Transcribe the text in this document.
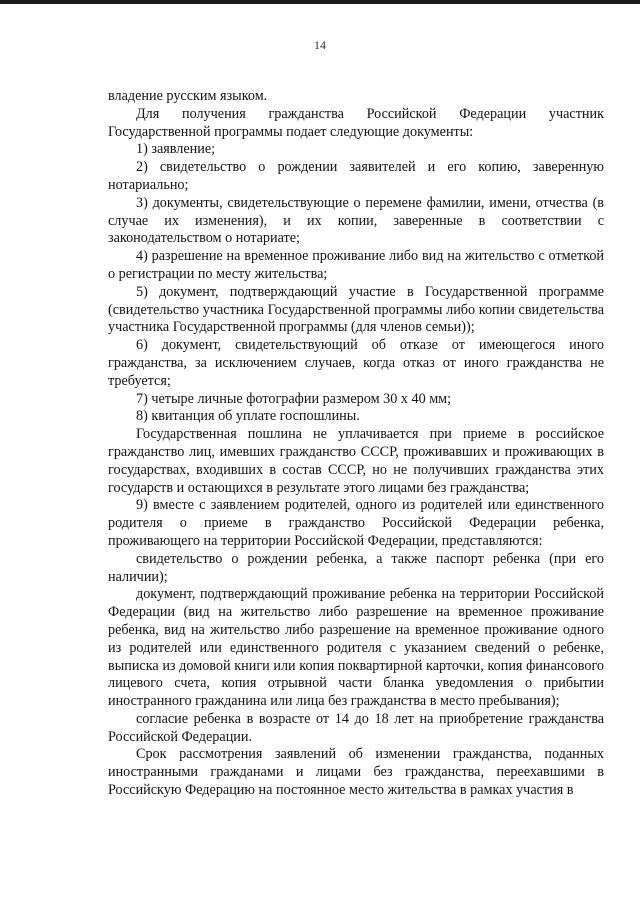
14

владение русским языком.

Для получения гражданства Российской Федерации участник Государственной программы подает следующие документы:

1) заявление;

2) свидетельство о рождении заявителей и его копию, заверенную нотариально;

3) документы, свидетельствующие о перемене фамилии, имени, отчества (в случае их изменения), и их копии, заверенные в соответствии с законодательством о нотариате;

4) разрешение на временное проживание либо вид на жительство с отметкой о регистрации по месту жительства;

5) документ, подтверждающий участие в Государственной программе (свидетельство участника Государственной программы либо копии свидетельства участника Государственной программы (для членов семьи));

6) документ, свидетельствующий об отказе от имеющегося иного гражданства, за исключением случаев, когда отказ от иного гражданства не требуется;

7) четыре личные фотографии размером 30 х 40 мм;

8) квитанция об уплате госпошлины.

Государственная пошлина не уплачивается при приеме в российское гражданство лиц, имевших гражданство СССР, проживавших и проживающих в государствах, входивших в состав СССР, но не получивших гражданства этих государств и остающихся в результате этого лицами без гражданства;

9) вместе с заявлением родителей, одного из родителей или единственного родителя о приеме в гражданство Российской Федерации ребенка, проживающего на территории Российской Федерации, представляются:

свидетельство о рождении ребенка, а также паспорт ребенка (при его наличии);

документ, подтверждающий проживание ребенка на территории Российской Федерации (вид на жительство либо разрешение на временное проживание ребенка, вид на жительство либо разрешение на временное проживание одного из родителей или единственного родителя с указанием сведений о ребенке, выписка из домовой книги или копия поквартирной карточки, копия финансового лицевого счета, копия отрывной части бланка уведомления о прибытии иностранного гражданина или лица без гражданства в место пребывания);

согласие ребенка в возрасте от 14 до 18 лет на приобретение гражданства Российской Федерации.

Срок рассмотрения заявлений об изменении гражданства, поданных иностранными гражданами и лицами без гражданства, переехавшими в Российскую Федерацию на постоянное место жительства в рамках участия в
